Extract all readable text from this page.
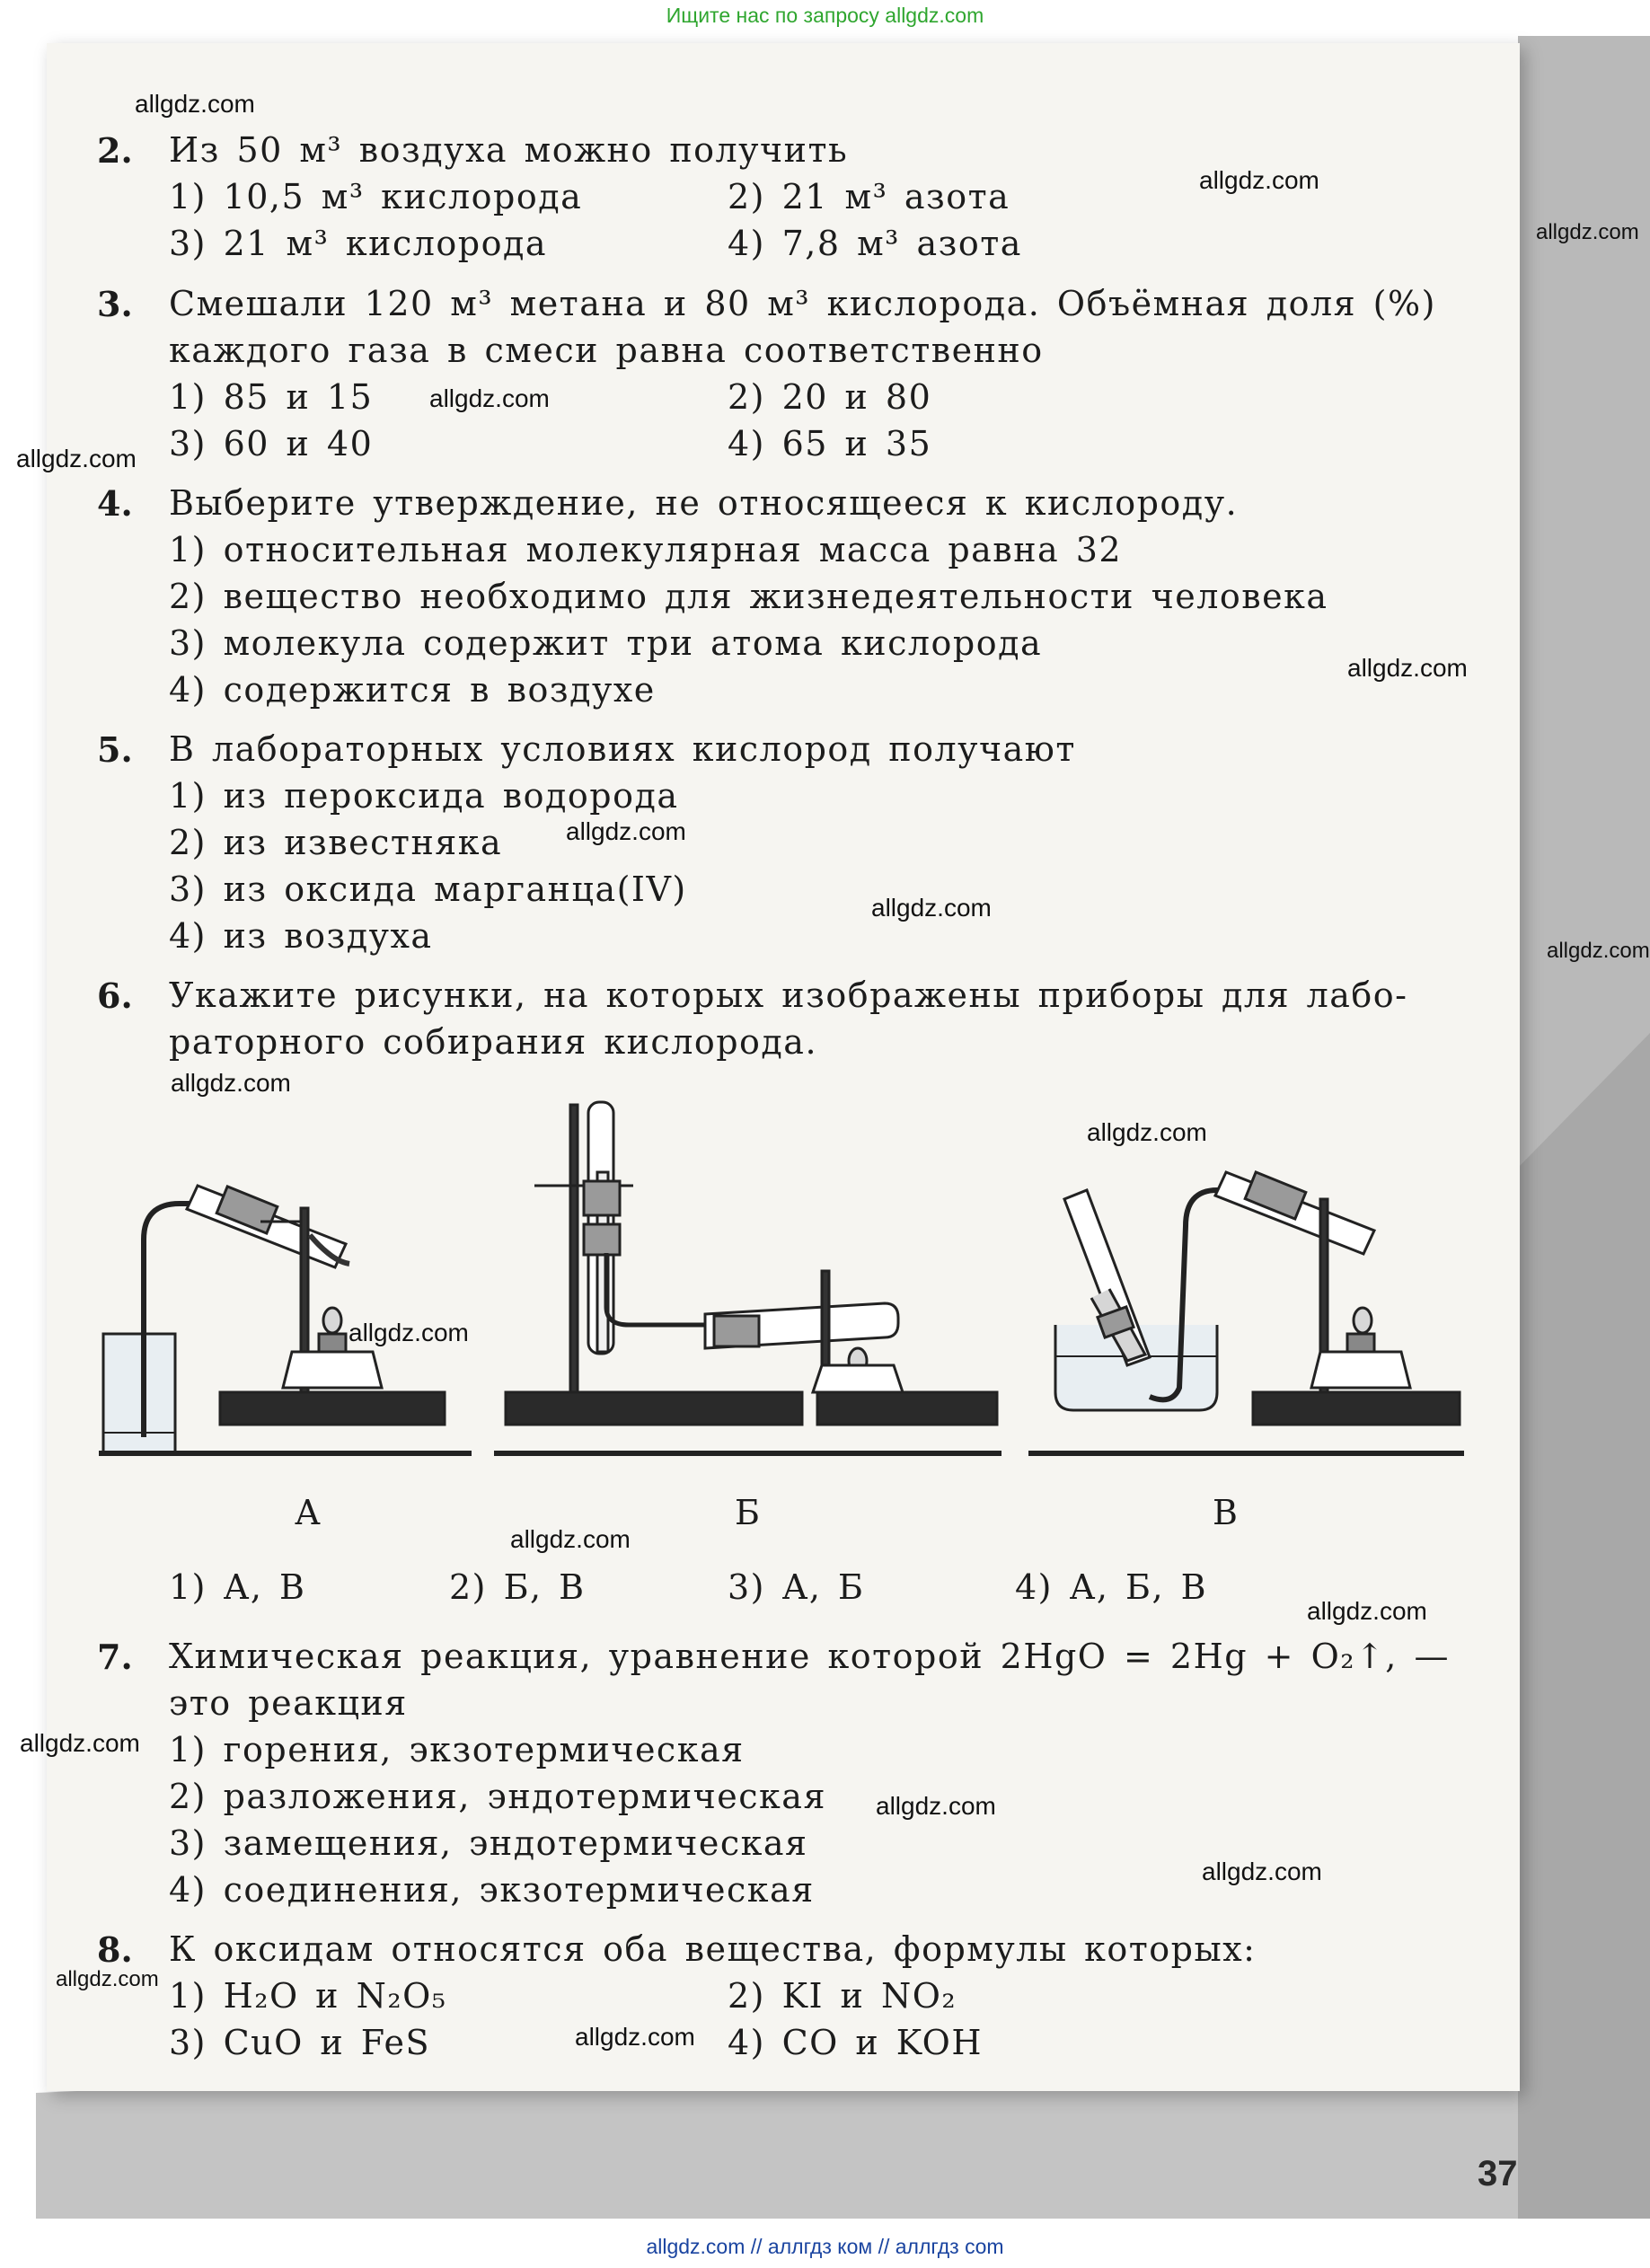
Ищите нас по запросу allgdz.com
2. Из 50 м³ воздуха можно получить
1) 10,5 м³ кислорода	2) 21 м³ азота
3) 21 м³ кислорода	4) 7,8 м³ азота
3. Смешали 120 м³ метана и 80 м³ кислорода. Объёмная доля (%)
каждого газа в смеси равна соответственно
1) 85 и 15	2) 20 и 80
3) 60 и 40	4) 65 и 35
4. Выберите утверждение, не относящееся к кислороду.
1) относительная молекулярная масса равна 32
2) вещество необходимо для жизнедеятельности человека
3) молекула содержит три атома кислорода
4) содержится в воздухе
5. В лабораторных условиях кислород получают
1) из пероксида водорода
2) из известняка
3) из оксида марганца(IV)
4) из воздуха
6. Укажите рисунки, на которых изображены приборы для лабо-
раторного собирания кислорода.
А	Б	В
1) А, В	2) Б, В	3) А, Б	4) А, Б, В
7. Химическая реакция, уравнение которой 2HgO = 2Hg + O₂↑, —
это реакция
1) горения, экзотермическая
2) разложения, эндотермическая
3) замещения, эндотермическая
4) соединения, экзотермическая
8. К оксидам относятся оба вещества, формулы которых:
1) H₂O и N₂O₅	2) KI и NO₂
3) CuO и FeS	4) CO и KOH
allgdz.com
allgdz.com
allgdz.com
allgdz.com
allgdz.com
allgdz.com
allgdz.com
allgdz.com
allgdz.com
allgdz.com
allgdz.com
allgdz.com
allgdz.com
allgdz.com
allgdz.com
allgdz.com
allgdz.com
allgdz.com
allgdz.com
37
allgdz.com // аллгдз ком // аллгдз com
